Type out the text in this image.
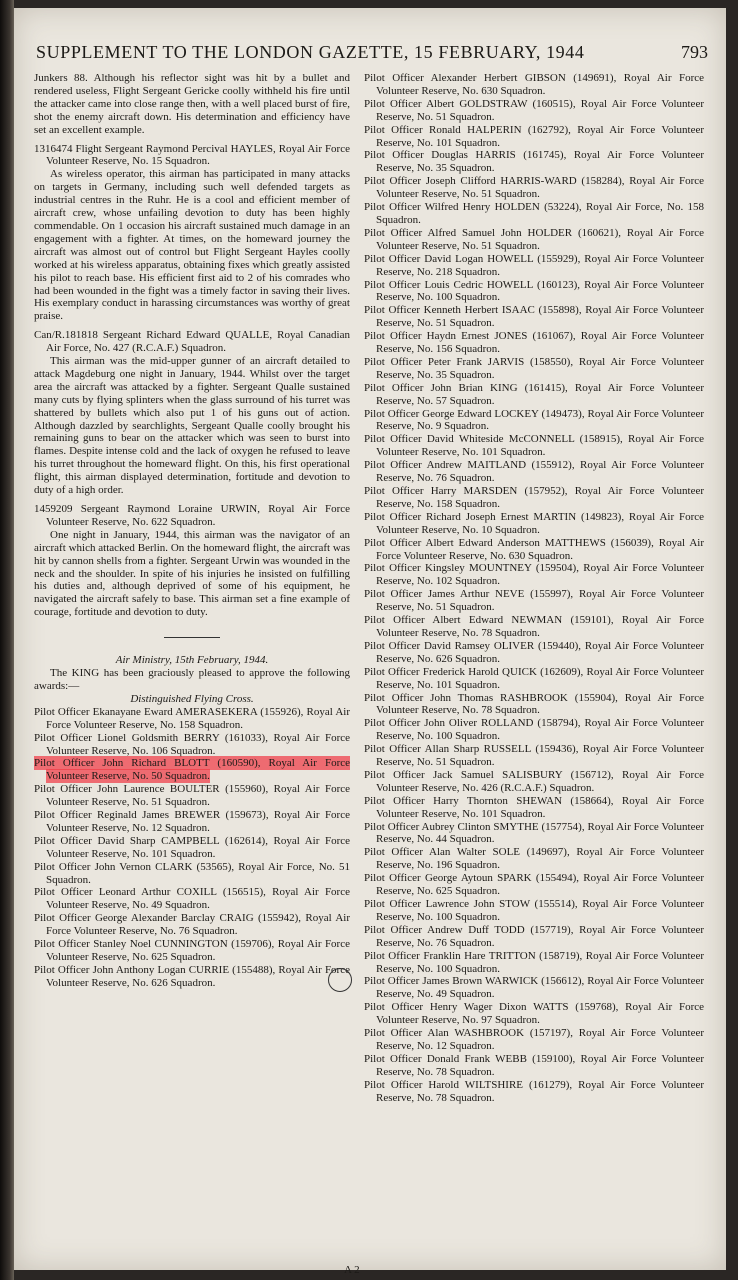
SUPPLEMENT TO THE LONDON GAZETTE, 15 FEBRUARY, 1944	793

Junkers 88. Although his reflector sight was hit by a bullet and rendered useless, Flight Sergeant Gericke coolly withheld his fire until the attacker came into close range then, with a well placed burst of fire, shot the enemy aircraft down. His determination and efficiency have set an excellent example.

1316474 Flight Sergeant Raymond Percival HAYLES, Royal Air Force Volunteer Reserve, No. 15 Squadron.

As wireless operator, this airman has participated in many attacks on targets in Germany, including such well defended targets as industrial centres in the Ruhr. He is a cool and efficient member of aircraft crew, whose unfailing devotion to duty has been highly commendable. On 1 occasion his aircraft sustained much damage in an engagement with a fighter. At times, on the homeward journey the aircraft was almost out of control but Flight Sergeant Hayles coolly worked at his wireless apparatus, obtaining fixes which greatly assisted his pilot to reach base. His efficient first aid to 2 of his comrades who had been wounded in the fight was a timely factor in saving their lives. His exemplary conduct in harassing circumstances was worthy of great praise.

Can/R.181818 Sergeant Richard Edward QUALLE, Royal Canadian Air Force, No. 427 (R.C.A.F.) Squadron.

This airman was the mid-upper gunner of an aircraft detailed to attack Magdeburg one night in January, 1944. Whilst over the target area the aircraft was attacked by a fighter. Sergeant Qualle sustained many cuts by flying splinters when the glass surround of his turret was shattered by bullets which also put 1 of his guns out of action. Although dazzled by searchlights, Sergeant Qualle coolly brought his remaining guns to bear on the attacker which was seen to burst into flames. Despite intense cold and the lack of oxygen he refused to leave his turret throughout the homeward flight. On this, his first operational flight, this airman displayed determination, fortitude and devotion to duty of a high order.

1459209 Sergeant Raymond Loraine URWIN, Royal Air Force Volunteer Reserve, No. 622 Squadron.

One night in January, 1944, this airman was the navigator of an aircraft which attacked Berlin. On the homeward flight, the aircraft was hit by cannon shells from a fighter. Sergeant Urwin was wounded in the neck and the shoulder. In spite of his injuries he insisted on fulfilling his duties and, although deprived of some of his equipment, he navigated the aircraft safely to base. This airman set a fine example of courage, fortitude and devotion to duty.

Air Ministry, 15th February, 1944.

The KING has been graciously pleased to approve the following awards:—

Distinguished Flying Cross.

Pilot Officer Ekanayane Eward AMERASEKERA (155926), Royal Air Force Volunteer Reserve, No. 158 Squadron.

Pilot Officer Lionel Goldsmith BERRY (161033), Royal Air Force Volunteer Reserve, No. 106 Squadron.

Pilot Officer John Richard BLOTT (160590), Royal Air Force Volunteer Reserve, No. 50 Squadron.

Pilot Officer John Laurence BOULTER (155960), Royal Air Force Volunteer Reserve, No. 51 Squadron.

Pilot Officer Reginald James BREWER (159673), Royal Air Force Volunteer Reserve, No. 12 Squadron.

Pilot Officer David Sharp CAMPBELL (162614), Royal Air Force Volunteer Reserve, No. 101 Squadron.

Pilot Officer John Vernon CLARK (53565), Royal Air Force, No. 51 Squadron.

Pilot Officer Leonard Arthur COXILL (156515), Royal Air Force Volunteer Reserve, No. 49 Squadron.

Pilot Officer George Alexander Barclay CRAIG (155942), Royal Air Force Volunteer Reserve, No. 76 Squadron.

Pilot Officer Stanley Noel CUNNINGTON (159706), Royal Air Force Volunteer Reserve, No. 625 Squadron.

Pilot Officer John Anthony Logan CURRIE (155488), Royal Air Force Volunteer Reserve, No. 626 Squadron.

Pilot Officer Alexander Herbert GIBSON (149691), Royal Air Force Volunteer Reserve, No. 630 Squadron.

Pilot Officer Albert GOLDSTRAW (160515), Royal Air Force Volunteer Reserve, No. 51 Squadron.

Pilot Officer Ronald HALPERIN (162792), Royal Air Force Volunteer Reserve, No. 101 Squadron.

Pilot Officer Douglas HARRIS (161745), Royal Air Force Volunteer Reserve, No. 35 Squadron.

Pilot Officer Joseph Clifford HARRIS-WARD (158284), Royal Air Force Volunteer Reserve, No. 51 Squadron.

Pilot Officer Wilfred Henry HOLDEN (53224), Royal Air Force, No. 158 Squadron.

Pilot Officer Alfred Samuel John HOLDER (160621), Royal Air Force Volunteer Reserve, No. 51 Squadron.

Pilot Officer David Logan HOWELL (155929), Royal Air Force Volunteer Reserve, No. 218 Squadron.

Pilot Officer Louis Cedric HOWELL (160123), Royal Air Force Volunteer Reserve, No. 100 Squadron.

Pilot Officer Kenneth Herbert ISAAC (155898), Royal Air Force Volunteer Reserve, No. 51 Squadron.

Pilot Officer Haydn Ernest JONES (161067), Royal Air Force Volunteer Reserve, No. 156 Squadron.

Pilot Officer Peter Frank JARVIS (158550), Royal Air Force Volunteer Reserve, No. 35 Squadron.

Pilot Officer John Brian KING (161415), Royal Air Force Volunteer Reserve, No. 57 Squadron.

Pilot Officer George Edward LOCKEY (149473), Royal Air Force Volunteer Reserve, No. 9 Squadron.

Pilot Officer David Whiteside McCONNELL (158915), Royal Air Force Volunteer Reserve, No. 101 Squadron.

Pilot Officer Andrew MAITLAND (155912), Royal Air Force Volunteer Reserve, No. 76 Squadron.

Pilot Officer Harry MARSDEN (157952), Royal Air Force Volunteer Reserve, No. 158 Squadron.

Pilot Officer Richard Joseph Ernest MARTIN (149823), Royal Air Force Volunteer Reserve, No. 10 Squadron.

Pilot Officer Albert Edward Anderson MATTHEWS (156039), Royal Air Force Volunteer Reserve, No. 630 Squadron.

Pilot Officer Kingsley MOUNTNEY (159504), Royal Air Force Volunteer Reserve, No. 102 Squadron.

Pilot Officer James Arthur NEVE (155997), Royal Air Force Volunteer Reserve, No. 51 Squadron.

Pilot Officer Albert Edward NEWMAN (159101), Royal Air Force Volunteer Reserve, No. 78 Squadron.

Pilot Officer David Ramsey OLIVER (159440), Royal Air Force Volunteer Reserve, No. 626 Squadron.

Pilot Officer Frederick Harold QUICK (162609), Royal Air Force Volunteer Reserve, No. 101 Squadron.

Pilot Officer John Thomas RASHBROOK (155904), Royal Air Force Volunteer Reserve, No. 78 Squadron.

Pilot Officer John Oliver ROLLAND (158794), Royal Air Force Volunteer Reserve, No. 100 Squadron.

Pilot Officer Allan Sharp RUSSELL (159436), Royal Air Force Volunteer Reserve, No. 51 Squadron.

Pilot Officer Jack Samuel SALISBURY (156712), Royal Air Force Volunteer Reserve, No. 426 (R.C.A.F.) Squadron.

Pilot Officer Harry Thornton SHEWAN (158664), Royal Air Force Volunteer Reserve, No. 101 Squadron.

Pilot Officer Aubrey Clinton SMYTHE (157754), Royal Air Force Volunteer Reserve, No. 44 Squadron.

Pilot Officer Alan Walter SOLE (149697), Royal Air Force Volunteer Reserve, No. 196 Squadron.

Pilot Officer George Aytoun SPARK (155494), Royal Air Force Volunteer Reserve, No. 625 Squadron.

Pilot Officer Lawrence John STOW (155514), Royal Air Force Volunteer Reserve, No. 100 Squadron.

Pilot Officer Andrew Duff TODD (157719), Royal Air Force Volunteer Reserve, No. 76 Squadron.

Pilot Officer Franklin Hare TRITTON (158719), Royal Air Force Volunteer Reserve, No. 100 Squadron.

Pilot Officer James Brown WARWICK (156612), Royal Air Force Volunteer Reserve, No. 49 Squadron.

Pilot Officer Henry Wager Dixon WATTS (159768), Royal Air Force Volunteer Reserve, No. 97 Squadron.

Pilot Officer Alan WASHBROOK (157197), Royal Air Force Volunteer Reserve, No. 12 Squadron.

Pilot Officer Donald Frank WEBB (159100), Royal Air Force Volunteer Reserve, No. 78 Squadron.

Pilot Officer Harold WILTSHIRE (161279), Royal Air Force Volunteer Reserve, No. 78 Squadron.

A 2
